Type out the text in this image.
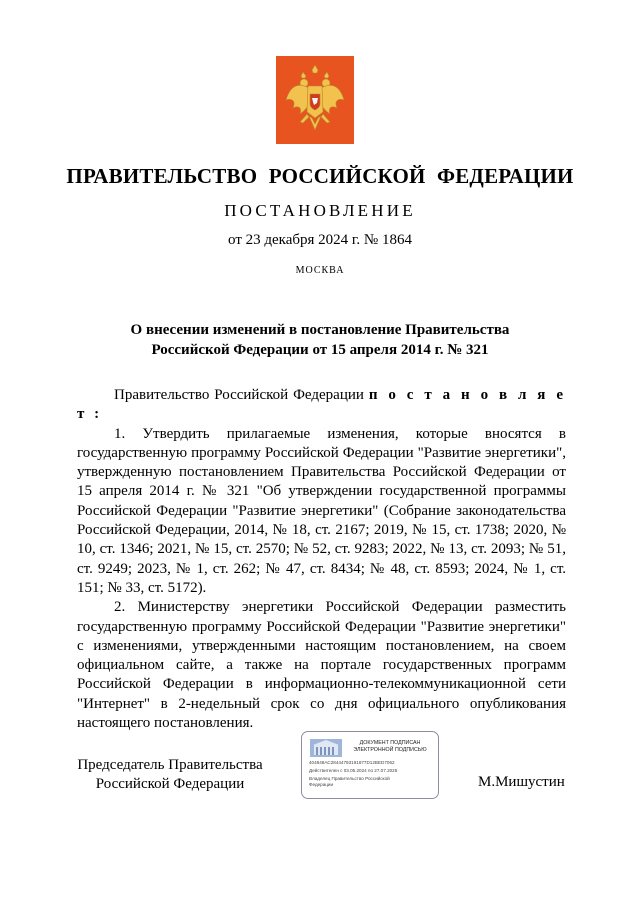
ПРАВИТЕЛЬСТВО РОССИЙСКОЙ ФЕДЕРАЦИИ
ПОСТАНОВЛЕНИЕ
от 23 декабря 2024 г. № 1864
МОСКВА
О внесении изменений в постановление Правительства
Российской Федерации от 15 апреля 2014 г. № 321

Правительство Российской Федерации п о с т а н о в л я е т :

1. Утвердить прилагаемые изменения, которые вносятся в государственную программу Российской Федерации "Развитие энергетики", утвержденную постановлением Правительства Российской Федерации от 15 апреля 2014 г. № 321 "Об утверждении государственной программы Российской Федерации "Развитие энергетики" (Собрание законодательства Российской Федерации, 2014, № 18, ст. 2167; 2019, № 15, ст. 1738; 2020, № 10, ст. 1346; 2021, № 15, ст. 2570; № 52, ст. 9283; 2022, № 13, ст. 2093; № 51, ст. 9249; 2023, № 1, ст. 262; № 47, ст. 8434; № 48, ст. 8593; 2024, № 1, ст. 151; № 33, ст. 5172).

2. Министерству энергетики Российской Федерации разместить государственную программу Российской Федерации "Развитие энергетики" с изменениями, утвержденными настоящим постановлением, на своем официальном сайте, а также на портале государственных программ Российской Федерации в информационно-телекоммуникационной сети "Интернет" в 2-недельный срок со дня официального опубликования настоящего постановления.

Председатель Правительства
Российской Федерации
ДОКУМЕНТ ПОДПИСАН
ЭЛЕКТРОННОЙ ПОДПИСЬЮ
404848AC28444793191877D12BED7062
Действителен с 03.05.2024 по 27.07.2025
Владелец Правительство Российской
Федерации	М.Мишустин
